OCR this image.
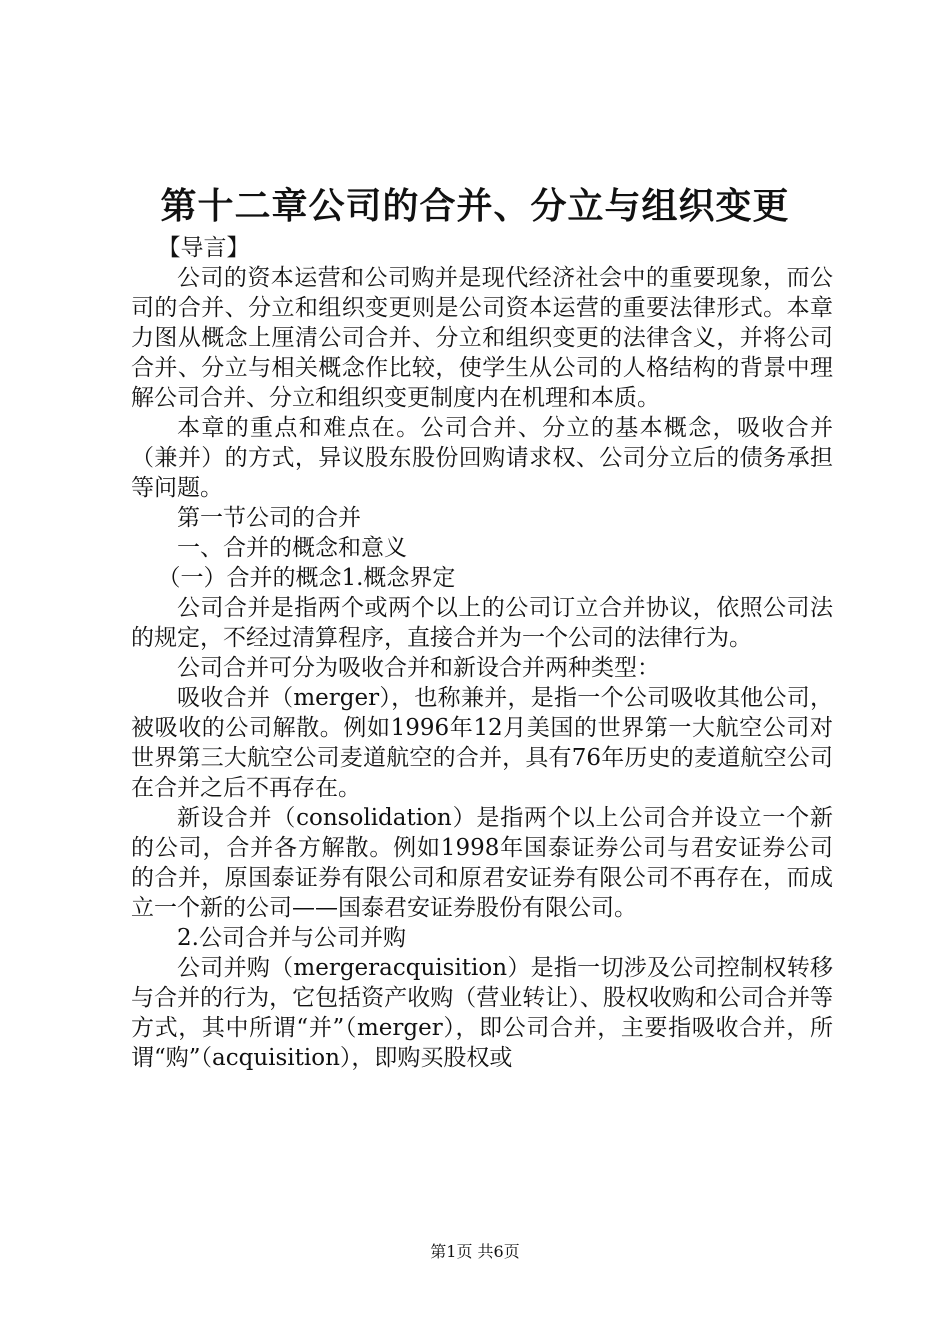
第十二章公司的合并、分立与组织变更

【导言】

公司的资本运营和公司购并是现代经济社会中的重要现象，而公司的合并、分立和组织变更则是公司资本运营的重要法律形式。本章力图从概念上厘清公司合并、分立和组织变更的法律含义，并将公司合并、分立与相关概念作比较，使学生从公司的人格结构的背景中理解公司合并、分立和组织变更制度内在机理和本质。

本章的重点和难点在。公司合并、分立的基本概念，吸收合并（兼并）的方式，异议股东股份回购请求权、公司分立后的债务承担等问题。

第一节公司的合并

一、合并的概念和意义

（一）合并的概念1.概念界定

公司合并是指两个或两个以上的公司订立合并协议，依照公司法的规定，不经过清算程序，直接合并为一个公司的法律行为。

公司合并可分为吸收合并和新设合并两种类型：

吸收合并（merger），也称兼并，是指一个公司吸收其他公司，被吸收的公司解散。例如1996年12月美国的世界第一大航空公司对世界第三大航空公司麦道航空的合并，具有76年历史的麦道航空公司在合并之后不再存在。

新设合并（consolidation）是指两个以上公司合并设立一个新的公司，合并各方解散。例如1998年国泰证券公司与君安证券公司的合并，原国泰证券有限公司和原君安证券有限公司不再存在，而成立一个新的公司——国泰君安证券股份有限公司。

2.公司合并与公司并购

公司并购（mergeracquisition）是指一切涉及公司控制权转移与合并的行为，它包括资产收购（营业转让）、股权收购和公司合并等方式，其中所谓“并”（merger），即公司合并，主要指吸收合并，所谓“购”（acquisition），即购买股权或

第1页 共6页
